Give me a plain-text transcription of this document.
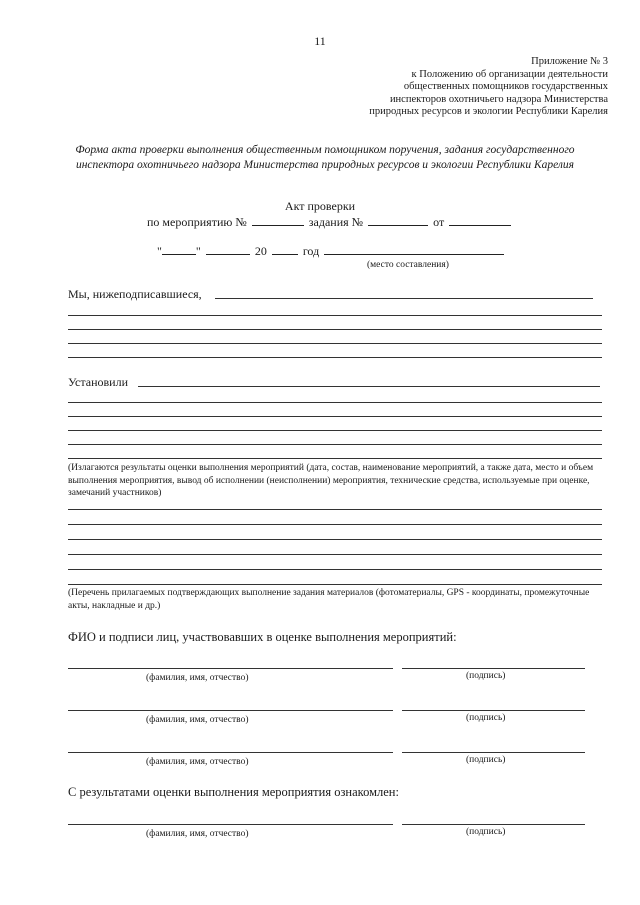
11
Приложение № 3
к Положению об организации деятельности
общественных помощников государственных
инспекторов охотничьего надзора Министерства
природных ресурсов и экологии Республики Карелия
Форма акта проверки выполнения общественным помощником поручения, задания государственного инспектора охотничьего надзора Министерства природных ресурсов и экологии Республики Карелия
Акт проверки
по мероприятию №	задания №	от
"	"	20	год
(место составления)
Мы, нижеподписавшиеся,
Установили
(Излагаются результаты оценки выполнения мероприятий (дата, состав, наименование мероприятий, а также дата, место и объем выполнения мероприятия, вывод об исполнении (неисполнении) мероприятия, технические средства, используемые при оценке, замечаний участников)
(Перечень прилагаемых подтверждающих выполнение задания материалов (фотоматериалы, GPS - координаты, промежуточные акты, накладные и др.)
ФИО и подписи лиц, участвовавших в оценке выполнения мероприятий:
(фамилия, имя, отчество)	(подпись)
(фамилия, имя, отчество)	(подпись)
(фамилия, имя, отчество)	(подпись)
С результатами оценки выполнения мероприятия ознакомлен:
(фамилия, имя, отчество)	(подпись)
